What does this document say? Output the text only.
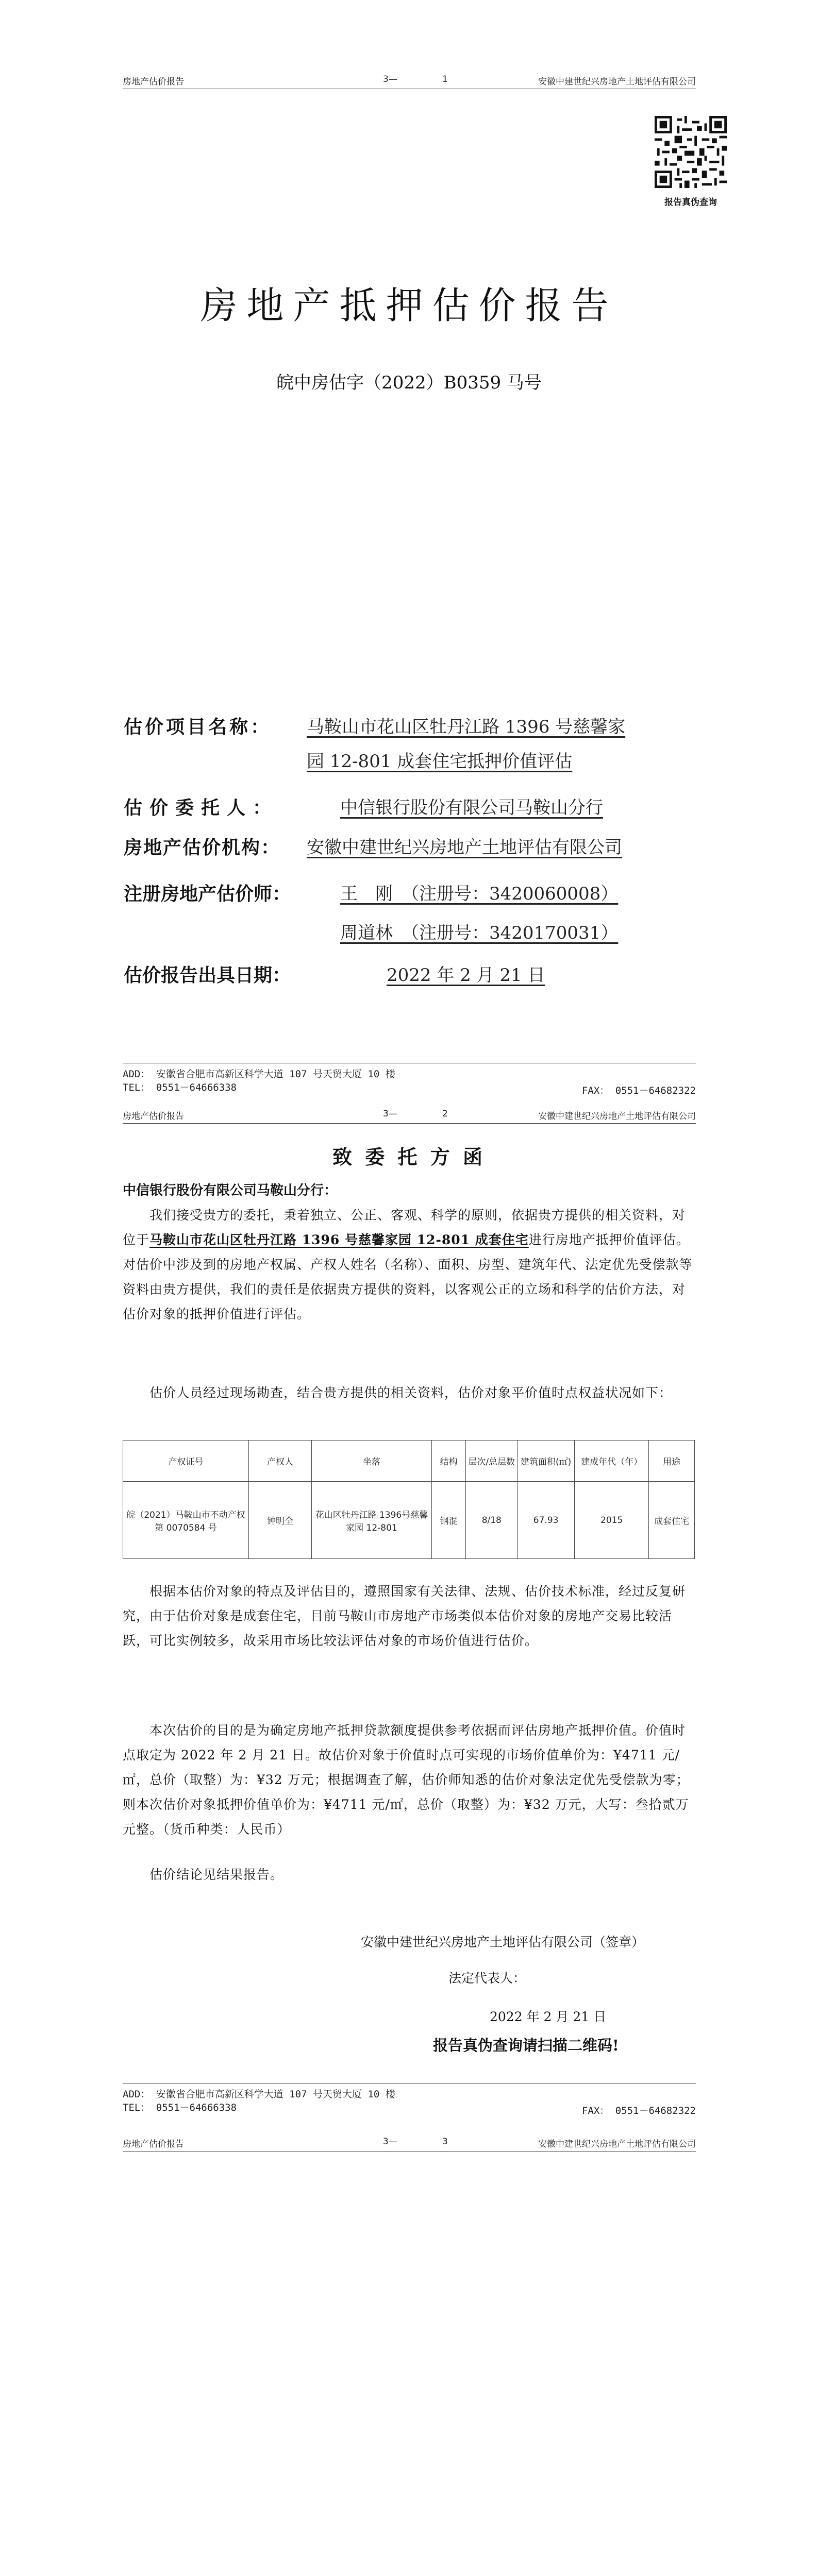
房地产估价报告	3—	1	安徽中建世纪兴房地产土地评估有限公司
报告真伪查询
房地产抵押估价报告
皖中房估字（2022）B0359 马号
估价项目名称： 马鞍山市花山区牡丹江路 1396 号慈馨家
园 12-801 成套住宅抵押价值评估
估价委托人：	中信银行股份有限公司马鞍山分行
房地产估价机构： 安徽中建世纪兴房地产土地评估有限公司
注册房地产估价师：	王　刚　（注册号：3420060008）
周道林　（注册号：3420170031）
估价报告出具日期：	2022 年 2 月 21 日
ADD： 安徽省合肥市高新区科学大道 107 号天贸大厦 10 楼
TEL： 0551－64666338	FAX： 0551－64682322
房地产估价报告	3—	2	安徽中建世纪兴房地产土地评估有限公司
致 委 托 方 函
中信银行股份有限公司马鞍山分行：
我们接受贵方的委托，秉着独立、公正、客观、科学的原则，依据贵方提供的相关资料，对位于马鞍山市花山区牡丹江路 1396 号慈馨家园 12-801 成套住宅进行房地产抵押价值评估。对估价中涉及到的房地产权属、产权人姓名（名称）、面积、房型、建筑年代、法定优先受偿款等资料由贵方提供，我们的责任是依据贵方提供的资料，以客观公正的立场和科学的估价方法，对估价对象的抵押价值进行评估。
估价人员经过现场勘查，结合贵方提供的相关资料，估价对象平价值时点权益状况如下：
产权证号	产权人	坐落	结构	层次/总层数	建筑面积(㎡)	建成年代（年）	用途
皖（2021）马鞍山市不动产权第 0070584 号	钟明全	花山区牡丹江路 1396号慈馨家园 12-801	钢混	8/18	67.93	2015	成套住宅
根据本估价对象的特点及评估目的，遵照国家有关法律、法规、估价技术标准，经过反复研究，由于估价对象是成套住宅，目前马鞍山市房地产市场类似本估价对象的房地产交易比较活跃，可比实例较多，故采用市场比较法评估对象的市场价值进行估价。
本次估价的目的是为确定房地产抵押贷款额度提供参考依据而评估房地产抵押价值。价值时点取定为 2022 年 2 月 21 日。故估价对象于价值时点可实现的市场价值单价为：¥4711 元/㎡，总价（取整）为：¥32 万元；根据调查了解，估价师知悉的估价对象法定优先受偿款为零；则本次估价对象抵押价值单价为：¥4711 元/㎡，总价（取整）为：¥32 万元，大写：叁拾贰万元整。（货币种类：人民币）
估价结论见结果报告。
安徽中建世纪兴房地产土地评估有限公司（签章）
法定代表人：
2022 年 2 月 21 日
报告真伪查询请扫描二维码!
ADD： 安徽省合肥市高新区科学大道 107 号天贸大厦 10 楼
TEL： 0551－64666338	FAX： 0551－64682322
房地产估价报告	3—	3	安徽中建世纪兴房地产土地评估有限公司
